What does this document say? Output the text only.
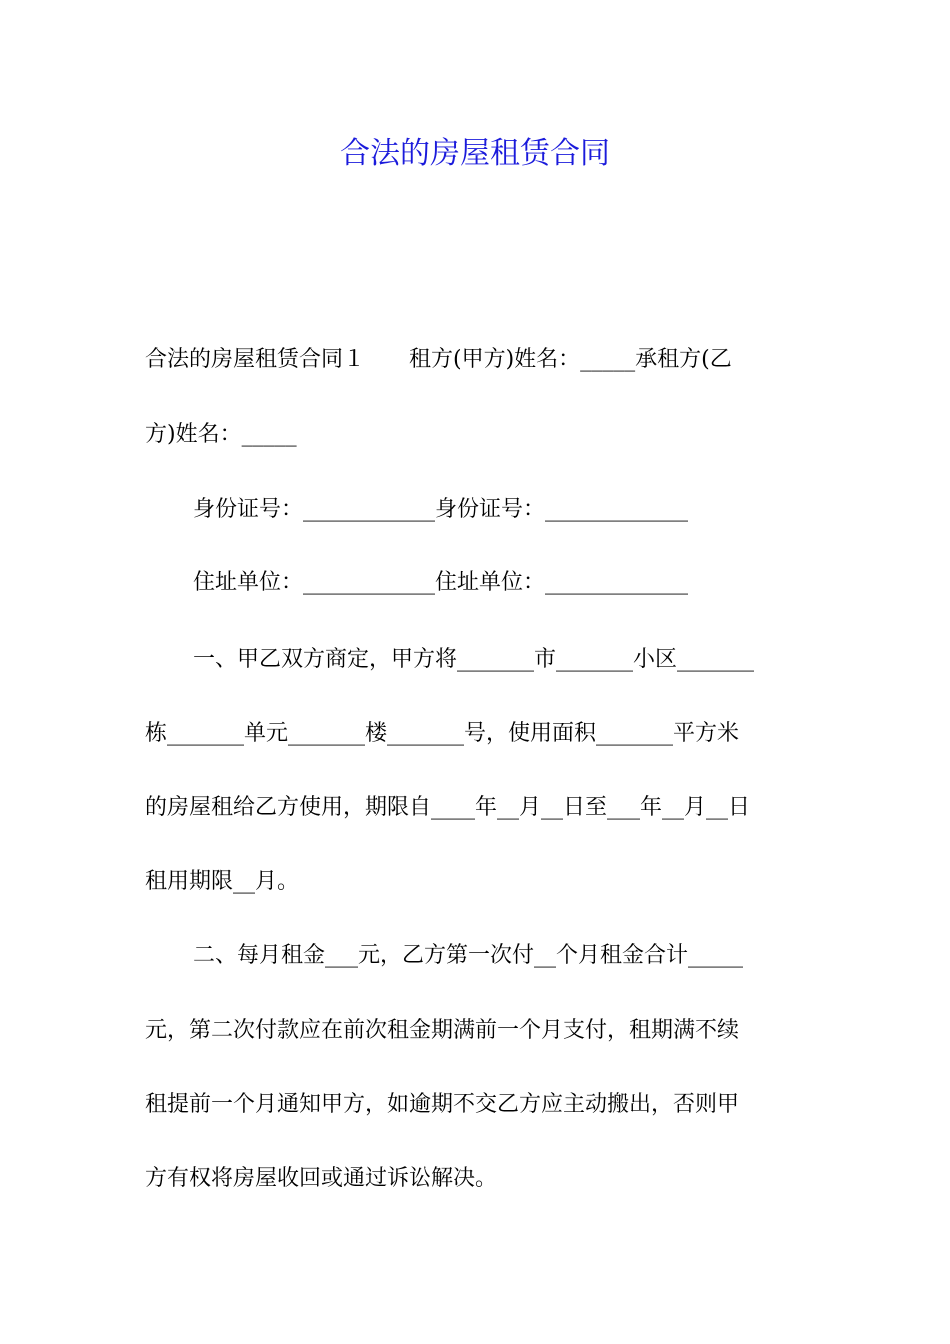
合法的房屋租赁合同

合法的房屋租赁合同１　　租方(甲方)姓名：_____承租方(乙

方)姓名：_____

身份证号：____________身份证号：_____________

住址单位：____________住址单位：_____________

一、甲乙双方商定，甲方将_______市_______小区_______

栋_______单元_______楼_______号，使用面积_______平方米

的房屋租给乙方使用，期限自____年__月__日至___年__月__日

租用期限__月。

二、每月租金___元，乙方第一次付__个月租金合计_____

元，第二次付款应在前次租金期满前一个月支付，租期满不续

租提前一个月通知甲方，如逾期不交乙方应主动搬出，否则甲

方有权将房屋收回或通过诉讼解决。
